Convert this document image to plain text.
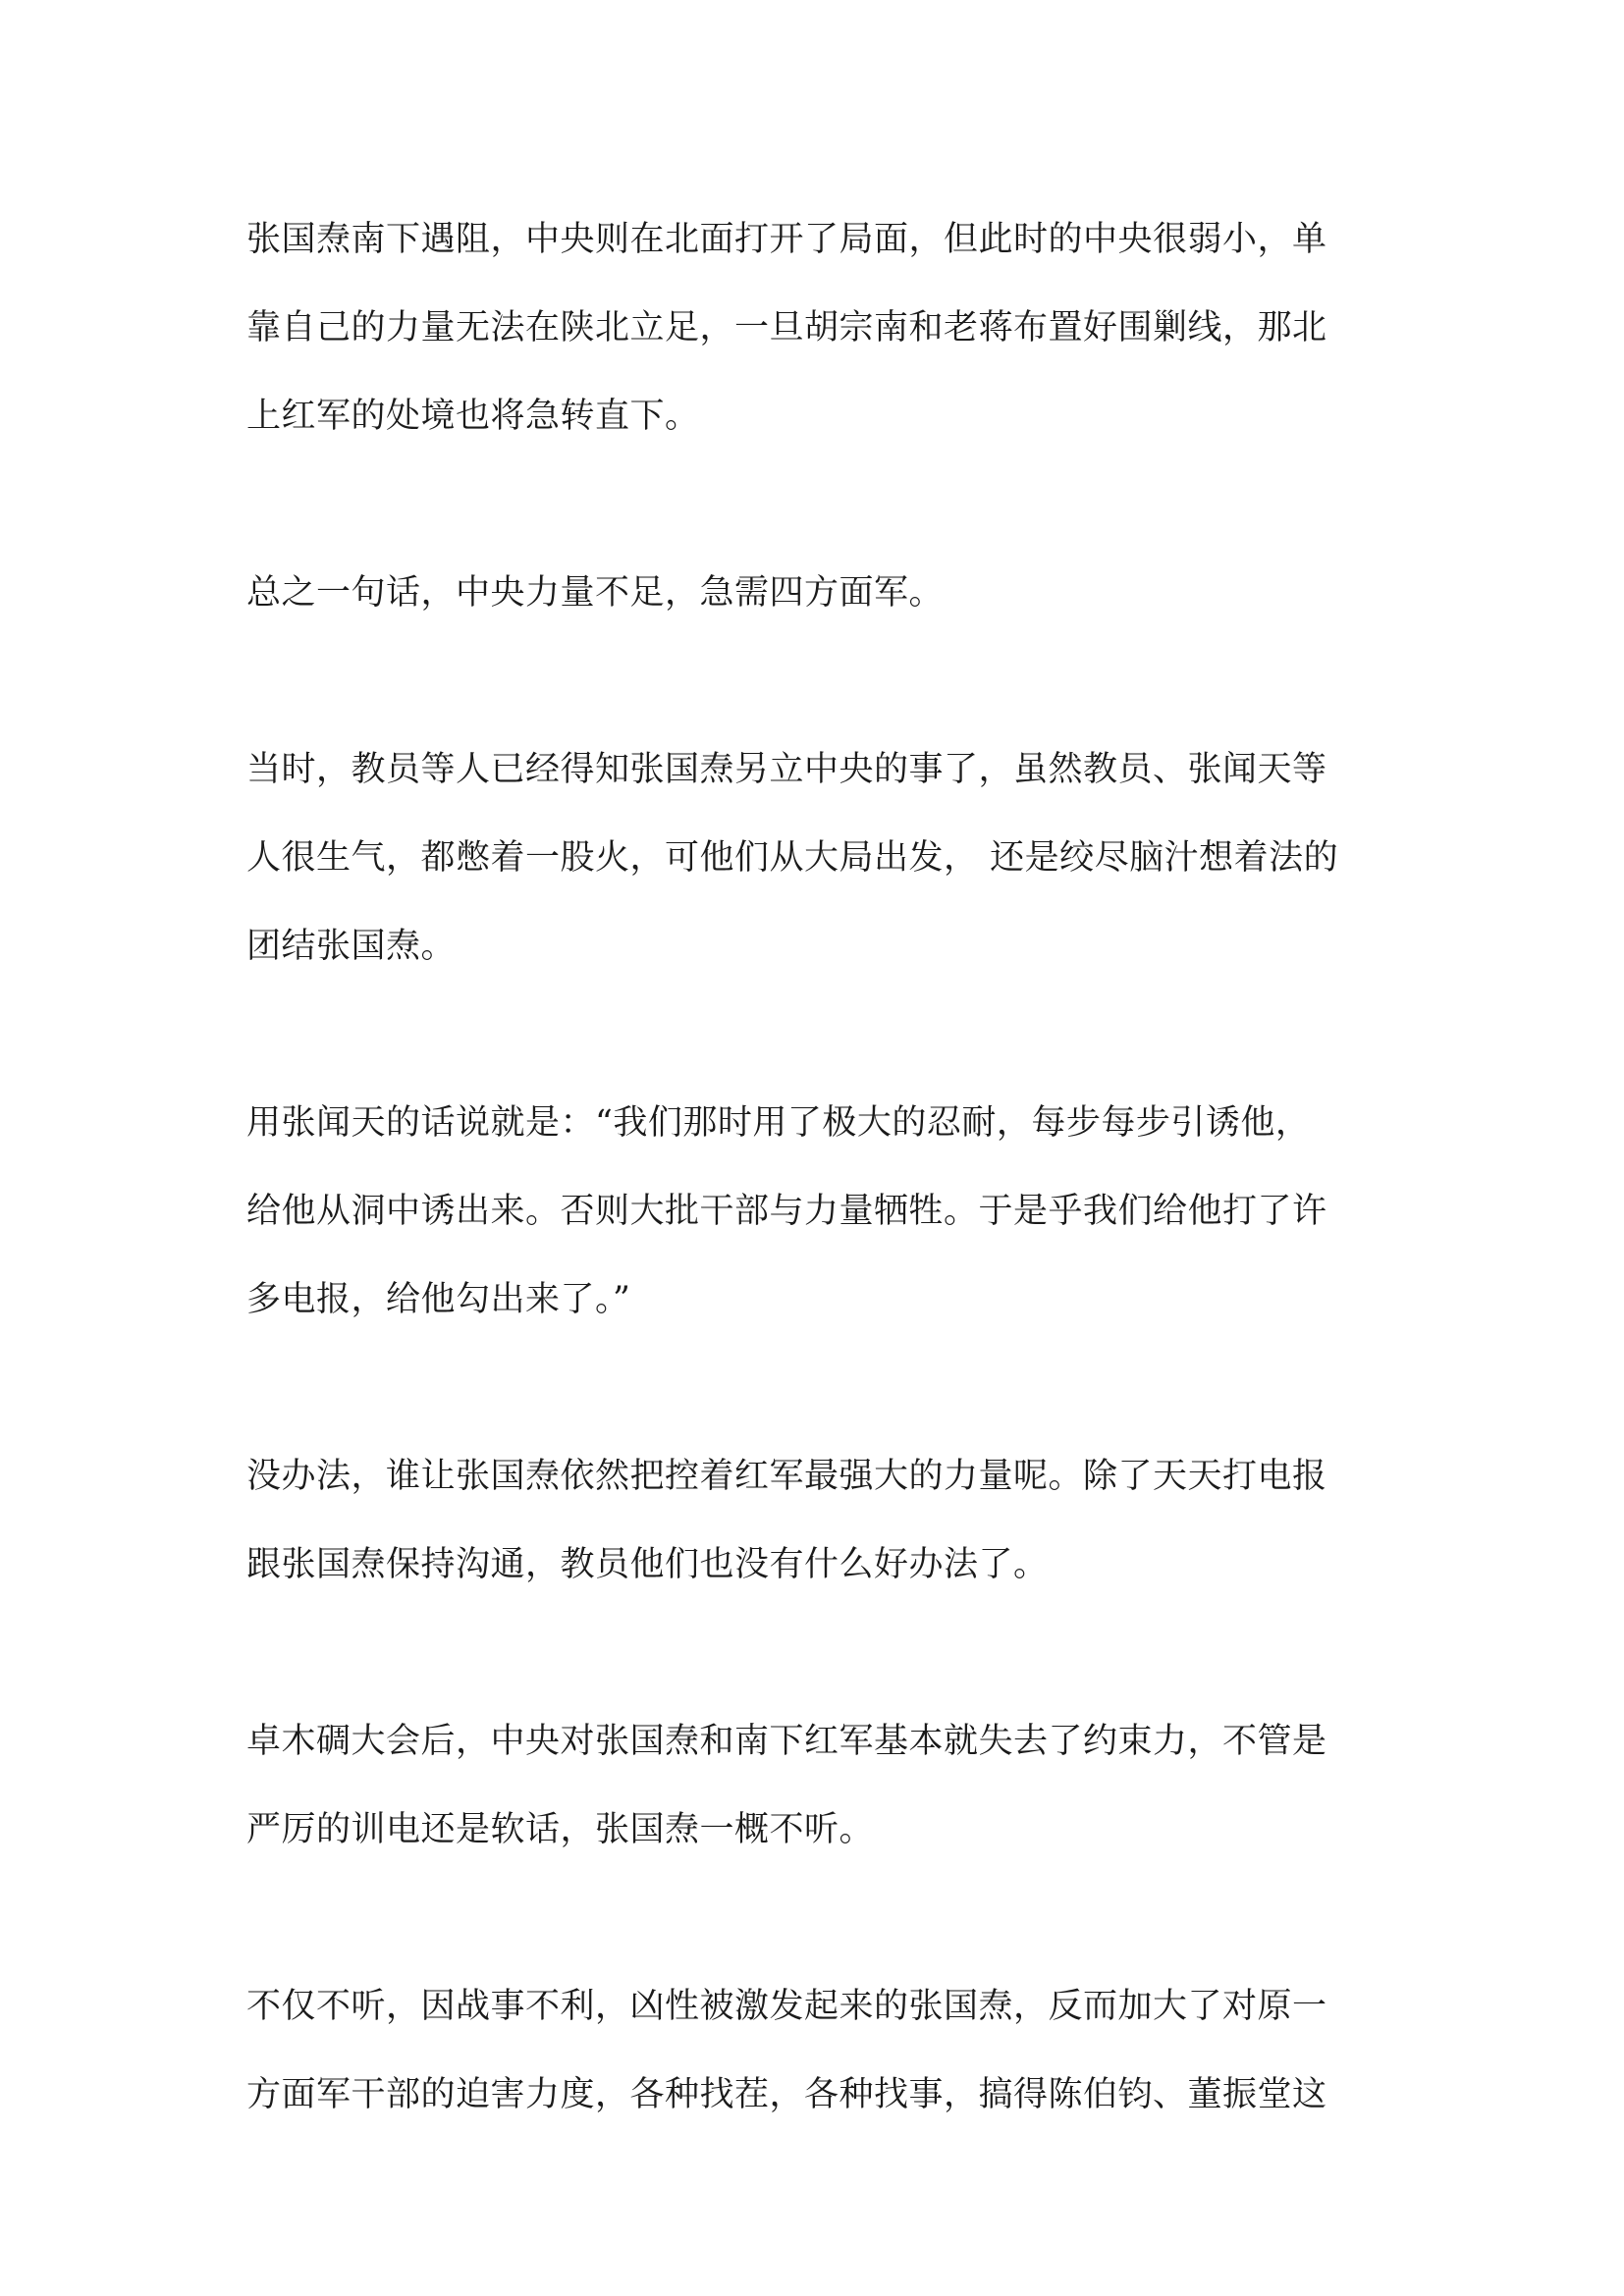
张国焘南下遇阻，中央则在北面打开了局面，但此时的中央很弱小，单
靠自己的力量无法在陕北立足，一旦胡宗南和老蒋布置好围剿线，那北
上红军的处境也将急转直下。
总之一句话，中央力量不足，急需四方面军。
当时，教员等人已经得知张国焘另立中央的事了，虽然教员、张闻天等
人很生气，都憋着一股火，可他们从大局出发， 还是绞尽脑汁想着法的
团结张国焘。
用张闻天的话说就是：“我们那时用了极大的忍耐，每步每步引诱他，
给他从洞中诱出来。否则大批干部与力量牺牲。于是乎我们给他打了许
多电报，给他勾出来了。”
没办法，谁让张国焘依然把控着红军最强大的力量呢。除了天天打电报
跟张国焘保持沟通，教员他们也没有什么好办法了。
卓木碉大会后，中央对张国焘和南下红军基本就失去了约束力，不管是
严厉的训电还是软话，张国焘一概不听。
不仅不听，因战事不利，凶性被激发起来的张国焘，反而加大了对原一
方面军干部的迫害力度，各种找茬，各种找事，搞得陈伯钧、董振堂这
